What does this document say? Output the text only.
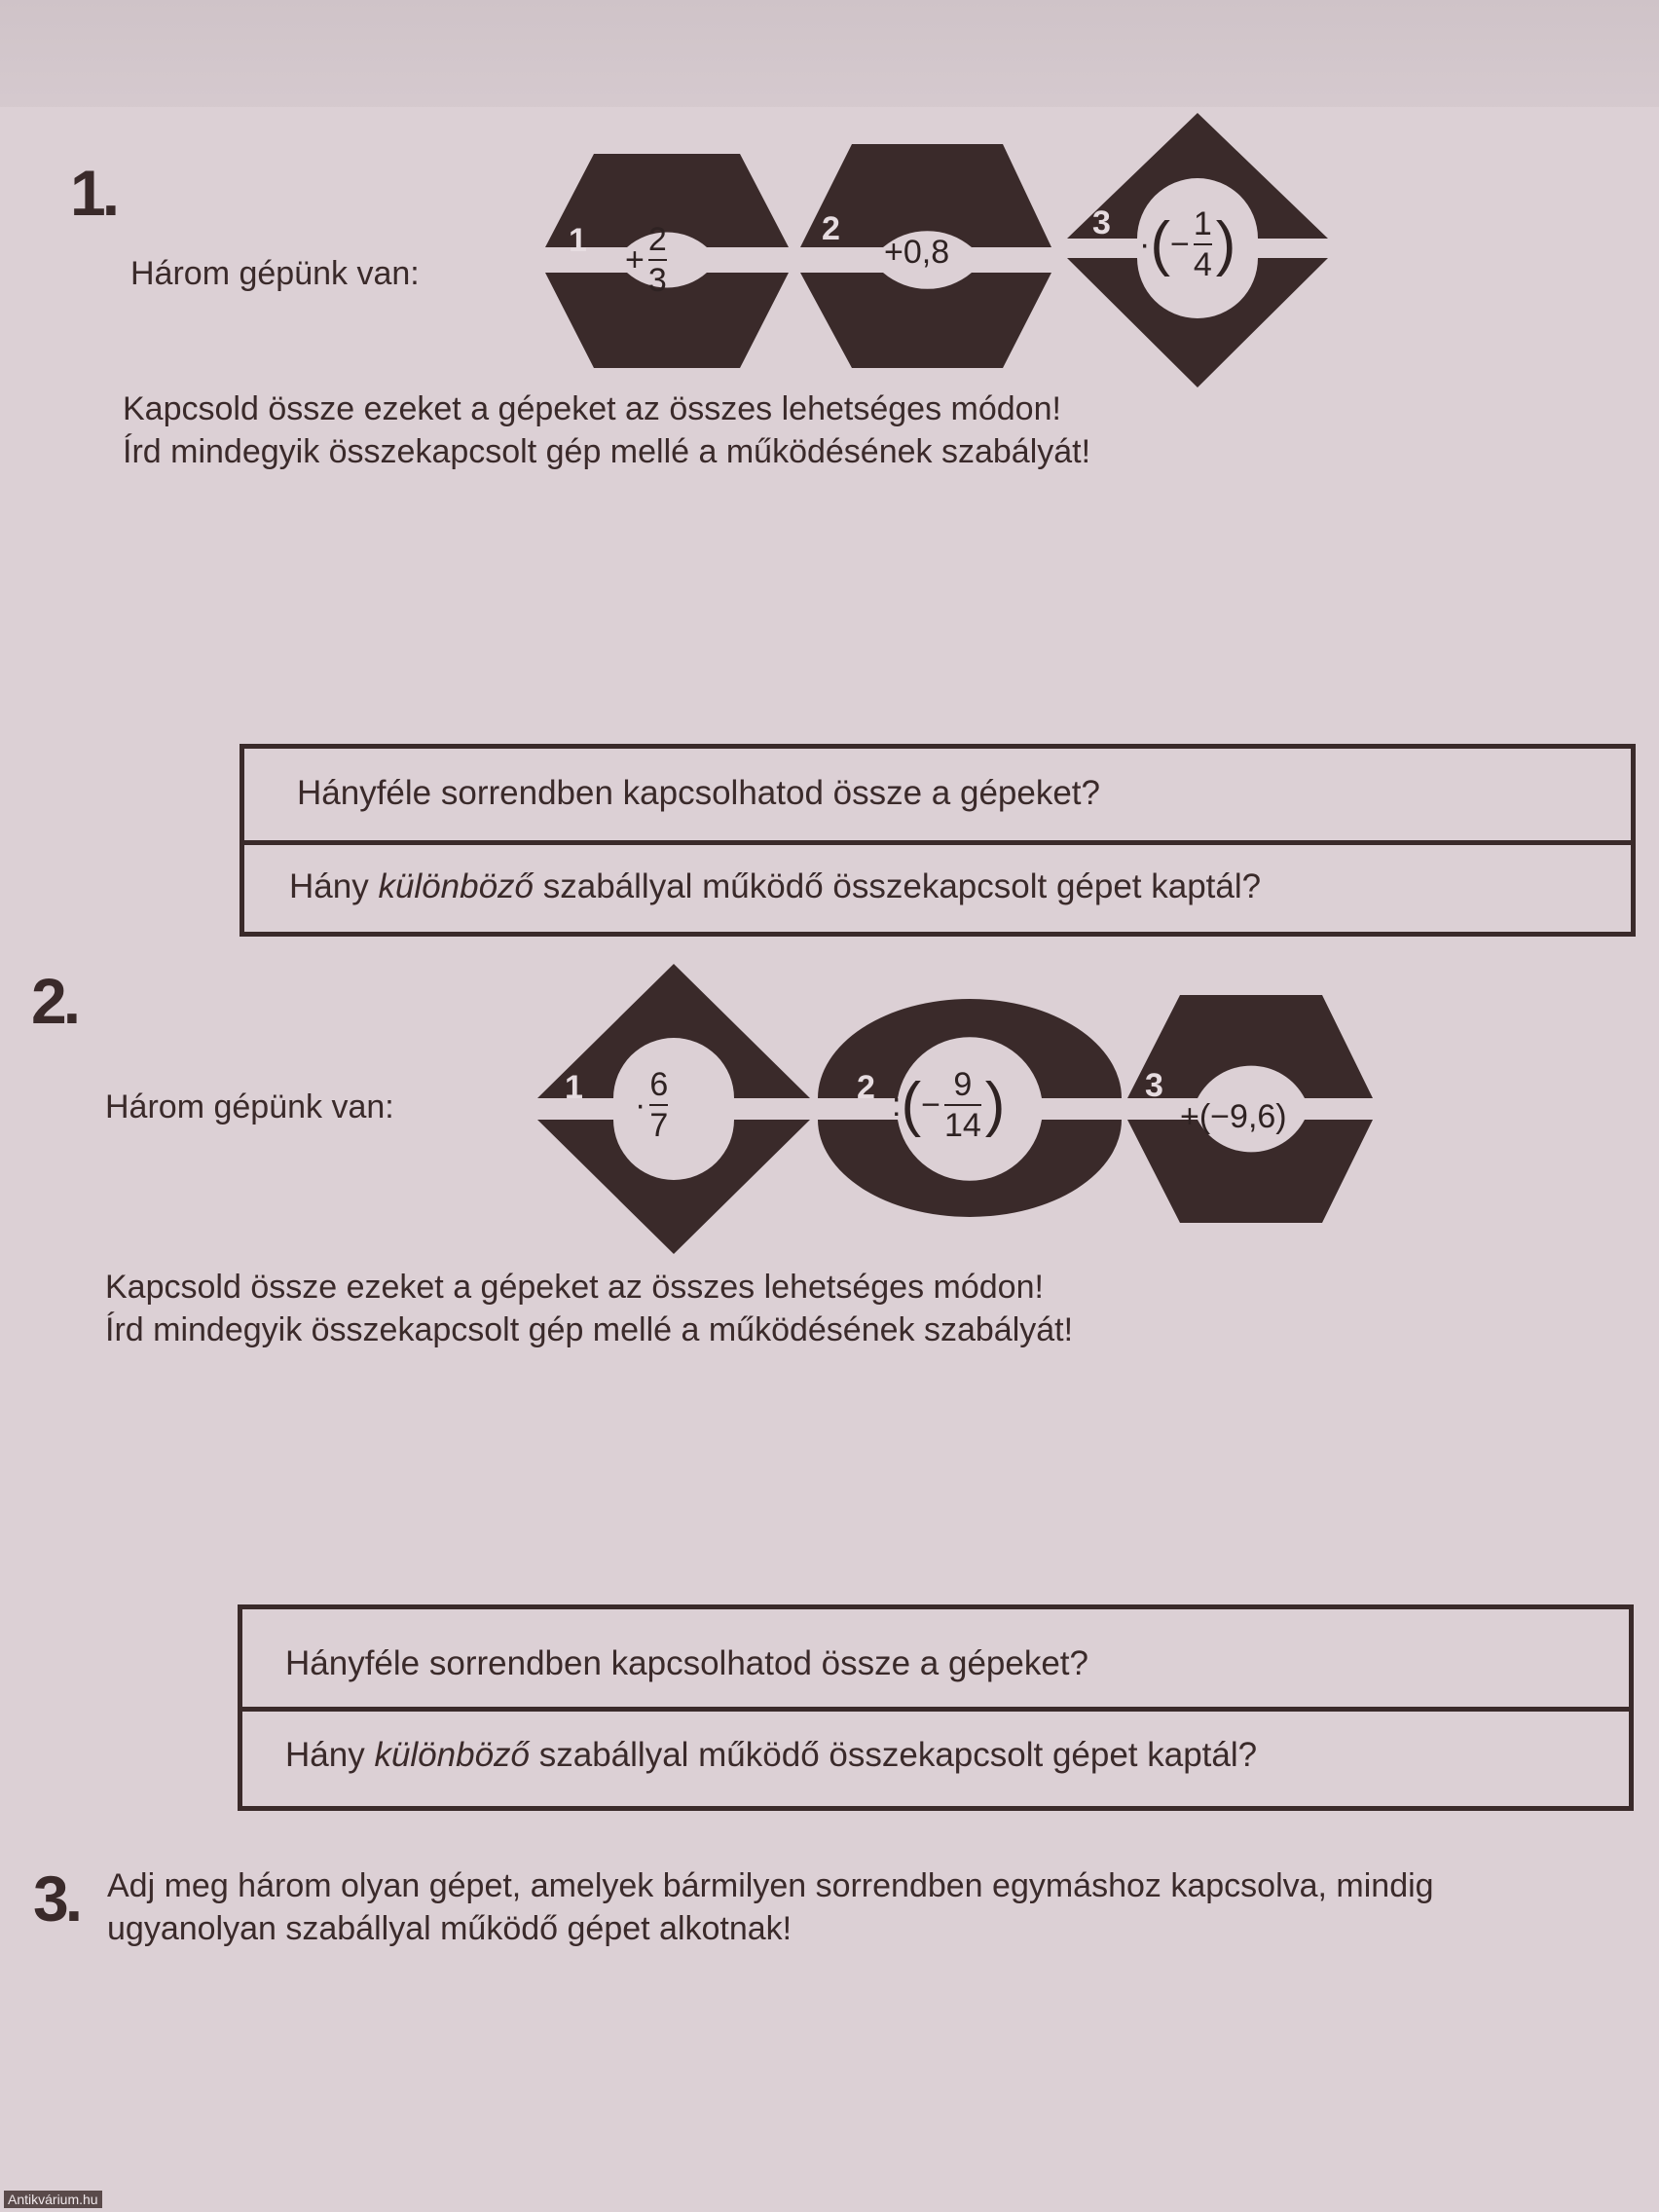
1.
Három gépünk van:
1	2	3
+ $\frac{2}{3}$	+0,8	· ( − $\frac{1}{4}$ )
Kapcsold össze ezeket a gépeket az összes lehetséges módon!
Írd mindegyik összekapcsolt gép mellé a működésének szabályát!
Hányféle sorrendben kapcsolhatod össze a gépeket?
Hány különböző szabállyal működő összekapcsolt gépet kaptál?
2.
Három gépünk van:
1	2	3
· $\frac{6}{7}$	: ( − $\frac{9}{14}$ )	+(−9,6)
Kapcsold össze ezeket a gépeket az összes lehetséges módon!
Írd mindegyik összekapcsolt gép mellé a működésének szabályát!
Hányféle sorrendben kapcsolhatod össze a gépeket?
Hány különböző szabállyal működő összekapcsolt gépet kaptál?
3. Adj meg három olyan gépet, amelyek bármilyen sorrendben egymáshoz kapcsolva, mindig
ugyanolyan szabállyal működő gépet alkotnak!
Antikvárium.hu
